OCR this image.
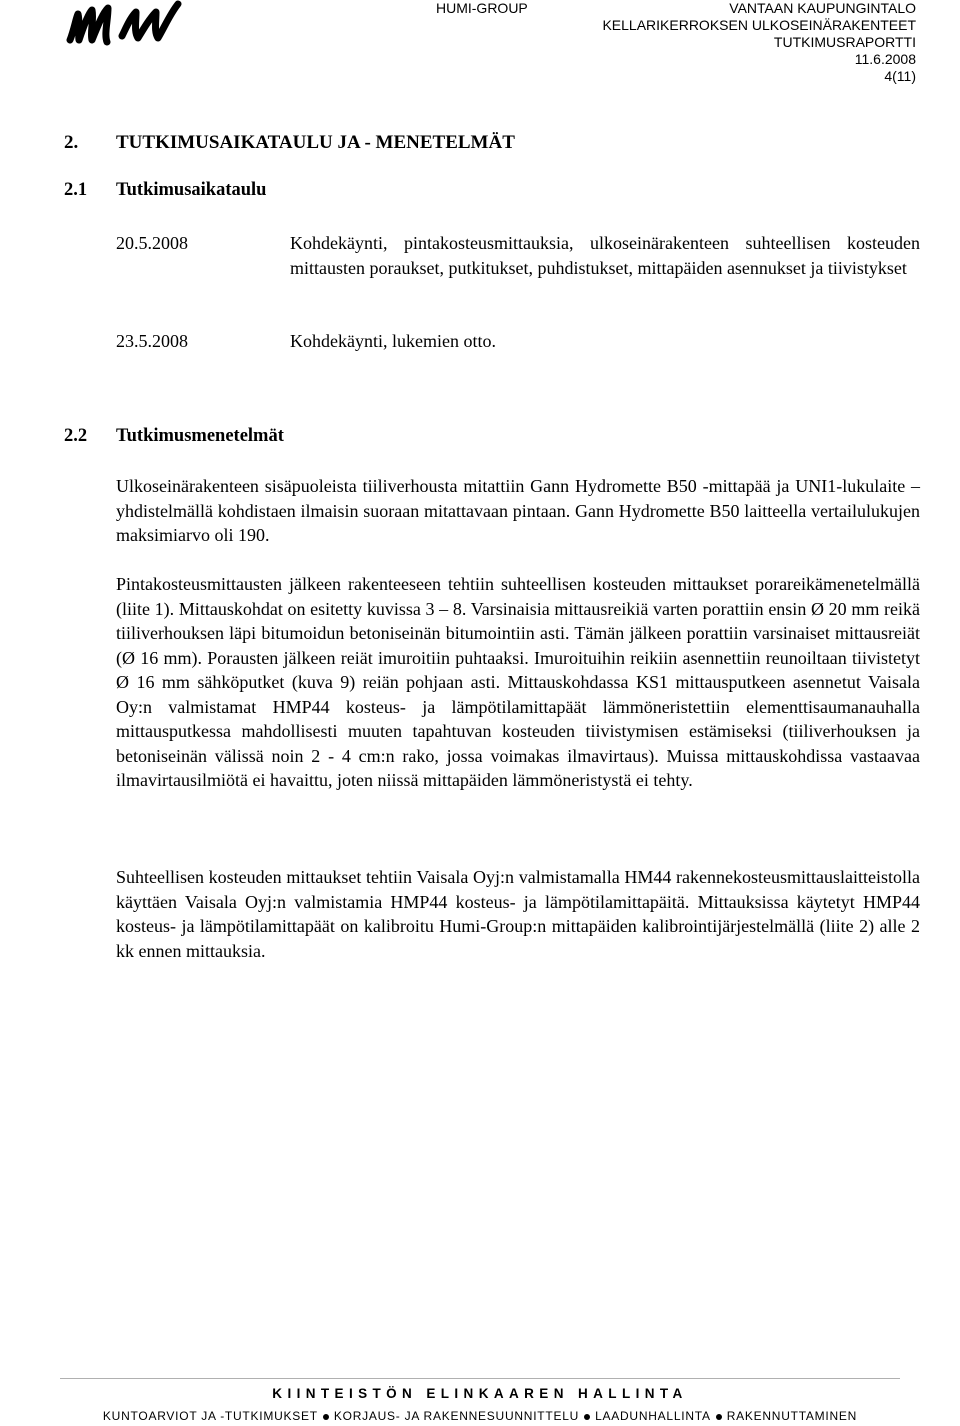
HUMI-GROUP	VANTAAN KAUPUNGINTALO
KELLARIKERROKSEN ULKOSEINÄRAKENTEET
TUTKIMUSRAPORTTI
11.6.2008
4(11)
2. TUTKIMUSAIKATAULU JA - MENETELMÄT
2.1 Tutkimusaikataulu
20.5.2008	Kohdekäynti, pintakosteusmittauksia, ulkoseinärakenteen suhteellisen kosteuden mittausten poraukset, putkitukset, puhdistukset, mittapäiden asennukset ja tiivistykset
23.5.2008	Kohdekäynti, lukemien otto.
2.2 Tutkimusmenetelmät

Ulkoseinärakenteen sisäpuoleista tiiliverhousta mitattiin Gann Hydromette B50 -mittapää ja UNI1-lukulaite –yhdistelmällä kohdistaen ilmaisin suoraan mitattavaan pintaan. Gann Hydromette B50 laitteella vertailulukujen maksimiarvo oli 190.

Pintakosteusmittausten jälkeen rakenteeseen tehtiin suhteellisen kosteuden mittaukset porareikämenetelmällä (liite 1). Mittauskohdat on esitetty kuvissa 3 – 8. Varsinaisia mittausreikiä varten porattiin ensin Ø 20 mm reikä tiiliverhouksen läpi bitumoidun betoniseinän bitumointiin asti. Tämän jälkeen porattiin varsinaiset mittausreiät (Ø 16 mm). Porausten jälkeen reiät imuroitiin puhtaaksi. Imuroituihin reikiin asennettiin reunoiltaan tiivistetyt Ø 16 mm sähköputket (kuva 9) reiän pohjaan asti. Mittauskohdassa KS1 mittausputkeen asennetut Vaisala Oy:n valmistamat HMP44 kosteus- ja lämpötilamittapäät lämmöneristettiin elementtisaumanauhalla mittausputkessa mahdollisesti muuten tapahtuvan kosteuden tiivistymisen estämiseksi (tiiliverhouksen ja betoniseinän välissä noin 2 - 4 cm:n rako, jossa voimakas ilmavirtaus). Muissa mittauskohdissa vastaavaa ilmavirtausilmiötä ei havaittu, joten niissä mittapäiden lämmöneristystä ei tehty.

Suhteellisen kosteuden mittaukset tehtiin Vaisala Oyj:n valmistamalla HM44 rakennekosteusmittauslaitteistolla käyttäen Vaisala Oyj:n valmistamia HMP44 kosteus- ja lämpötilamittapäitä. Mittauksissa käytetyt HMP44 kosteus- ja lämpötilamittapäät on kalibroitu Humi-Group:n mittapäiden kalibrointijärjestelmällä (liite 2) alle 2 kk ennen mittauksia.

KIINTEISTÖN ELINKAAREN HALLINTA
KUNTOARVIOT JA -TUTKIMUKSET KORJAUS- JA RAKENNESUUNNITTELU LAADUNHALLINTA RAKENNUTTAMINEN
